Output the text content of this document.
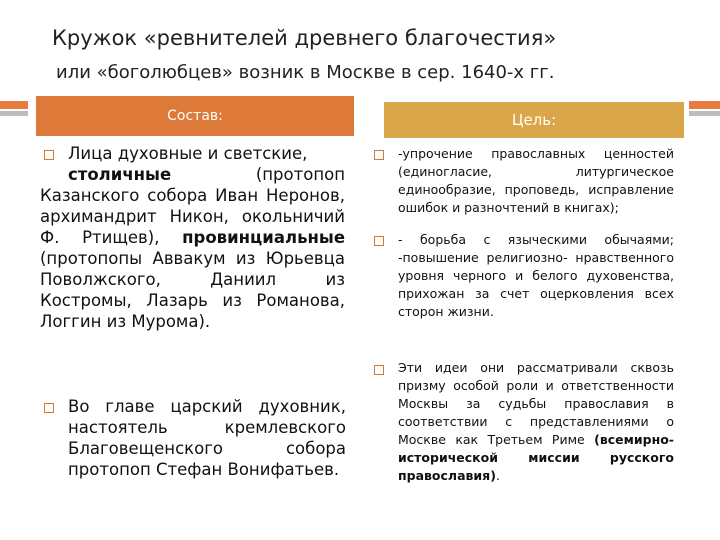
Кружок «ревнителей древнего благочестия»
или «боголюбцев» возник в Москве в сер. 1640-х гг.
Состав:	Цель:
Лица духовные и светские,
столичные	(протопоп Казанского собора Иван Неронов, архимандрит Никон, окольничий Ф. Ртищев), провинциальные (протопопы Аввакум из Юрьевца Поволжского, Даниил из Костромы, Лазарь из Романова, Логгин из Мурома).
Во главе царский духовник, настоятель кремлевского Благовещенского собора протопоп Стефан Вонифатьев.
-упрочение православных ценностей (единогласие, литургическое единообразие, проповедь, исправление ошибок и разночтений в книгах);
- борьба с языческими обычаями; -повышение религиозно- нравственного уровня черного и белого духовенства, прихожан за счет оцерковления всех сторон жизни.
Эти идеи они рассматривали сквозь призму особой роли и ответственности Москвы за судьбы православия в соответствии с представлениями о Москве как Третьем Риме (всемирно-исторической миссии русского православия).
